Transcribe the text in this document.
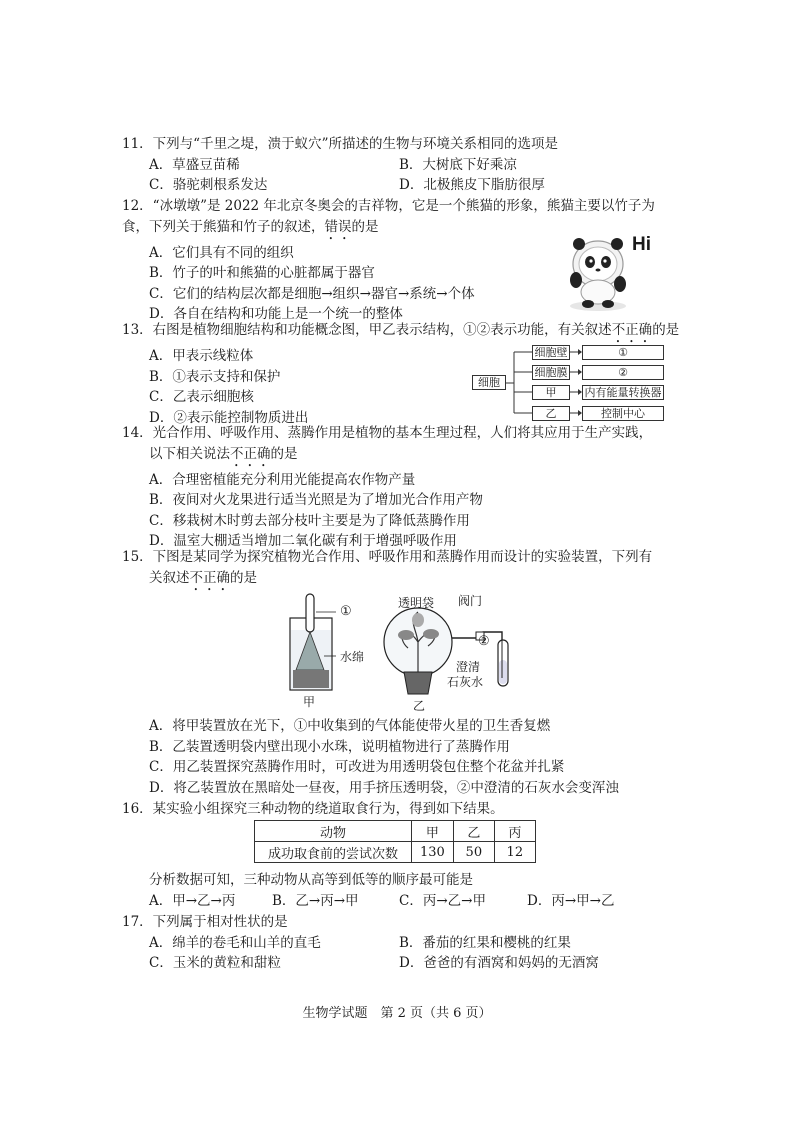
11．下列与“千里之堤，溃于蚁穴”所描述的生物与环境关系相同的选项是
A．草盛豆苗稀	B．大树底下好乘凉
C．骆驼刺根系发达	D．北极熊皮下脂肪很厚
12．“冰墩墩”是 2022 年北京冬奥会的吉祥物，它是一个熊猫的形象，熊猫主要以竹子为
食，下列关于熊猫和竹子的叙述，错误的是
A．它们具有不同的组织
B．竹子的叶和熊猫的心脏都属于器官
C．它们的结构层次都是细胞→组织→器官→系统→个体
D．各自在结构和功能上是一个统一的整体
Hi
13．右图是植物细胞结构和功能概念图，甲乙表示结构，①②表示功能，有关叙述不正确的是
A．甲表示线粒体
B．①表示支持和保护
C．乙表示细胞核
D．②表示能控制物质进出
细胞
细胞壁
细胞膜
甲
乙
①
②
内有能量转换器
控制中心
14．光合作用、呼吸作用、蒸腾作用是植物的基本生理过程，人们将其应用于生产实践，
以下相关说法不正确的是
A．合理密植能充分利用光能提高农作物产量
B．夜间对火龙果进行适当光照是为了增加光合作用产物
C．移栽树木时剪去部分枝叶主要是为了降低蒸腾作用
D．温室大棚适当增加二氧化碳有利于增强呼吸作用
15．下图是某同学为探究植物光合作用、呼吸作用和蒸腾作用而设计的实验装置，下列有
关叙述不正确的是
①
水绵
甲
透明袋 阀门
②
澄清
石灰水
乙
A．将甲装置放在光下，①中收集到的气体能使带火星的卫生香复燃
B．乙装置透明袋内壁出现小水珠，说明植物进行了蒸腾作用
C．用乙装置探究蒸腾作用时，可改进为用透明袋包住整个花盆并扎紧
D．将乙装置放在黑暗处一昼夜，用手挤压透明袋，②中澄清的石灰水会变浑浊
16．某实验小组探究三种动物的绕道取食行为，得到如下结果。
动物	甲	乙	丙
成功取食前的尝试次数	130	50	12
分析数据可知，三种动物从高等到低等的顺序最可能是
A．甲→乙→丙	B．乙→丙→甲	C．丙→乙→甲	D．丙→甲→乙
17．下列属于相对性状的是
A．绵羊的卷毛和山羊的直毛	B．番茄的红果和樱桃的红果
C．玉米的黄粒和甜粒	D．爸爸的有酒窝和妈妈的无酒窝
生物学试题　第 2 页（共 6 页）
